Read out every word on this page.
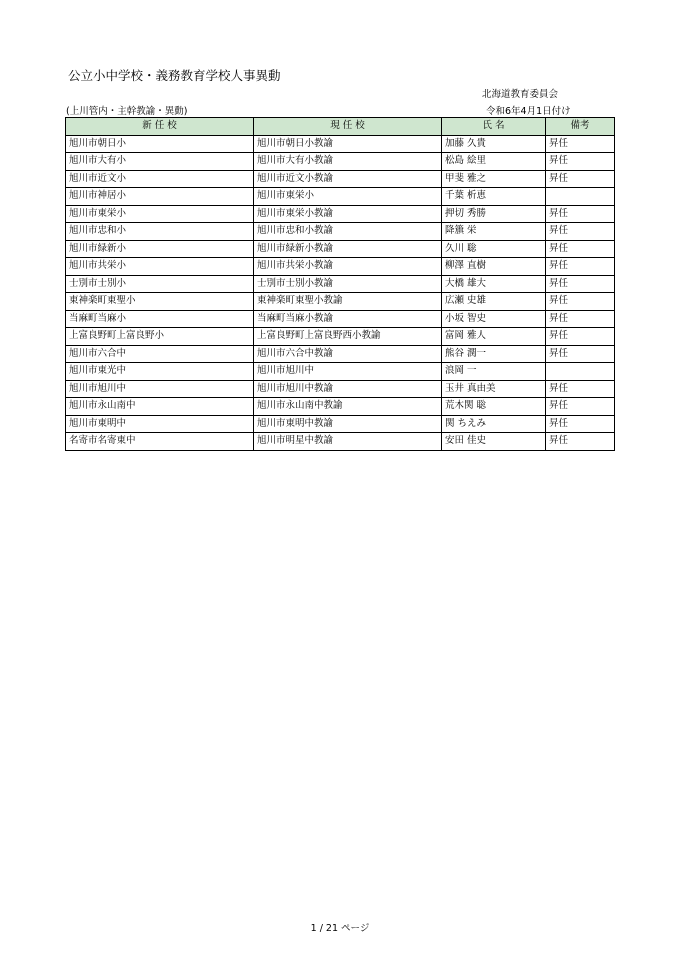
公立小中学校・義務教育学校人事異動
北海道教育委員会
(上川管内・主幹教諭・異動)	令和6年4月1日付け
新 任 校	現 任 校	氏 名	備考
旭川市朝日小	旭川市朝日小教諭	加藤 久貴	昇任
旭川市大有小	旭川市大有小教諭	松島 絵里	昇任
旭川市近文小	旭川市近文小教諭	甲斐 雅之	昇任
旭川市神居小	旭川市東栄小	千葉 析恵	
旭川市東栄小	旭川市東栄小教諭	押切 秀勝	昇任
旭川市忠和小	旭川市忠和小教諭	降籏 栄	昇任
旭川市緑新小	旭川市緑新小教諭	久川 聡	昇任
旭川市共栄小	旭川市共栄小教諭	柳澤 直樹	昇任
士別市士別小	士別市士別小教諭	大橋 雄大	昇任
東神楽町東聖小	東神楽町東聖小教諭	広瀬 史雄	昇任
当麻町当麻小	当麻町当麻小教諭	小坂 智史	昇任
上富良野町上富良野小	上富良野町上富良野西小教諭	富岡 雅人	昇任
旭川市六合中	旭川市六合中教諭	熊谷 潤一	昇任
旭川市東光中	旭川市旭川中	浪岡 一	
旭川市旭川中	旭川市旭川中教諭	玉井 真由美	昇任
旭川市永山南中	旭川市永山南中教諭	荒木関 聡	昇任
旭川市東明中	旭川市東明中教諭	関 ちえみ	昇任
名寄市名寄東中	旭川市明星中教諭	安田 佳史	昇任
1 / 21 ページ
